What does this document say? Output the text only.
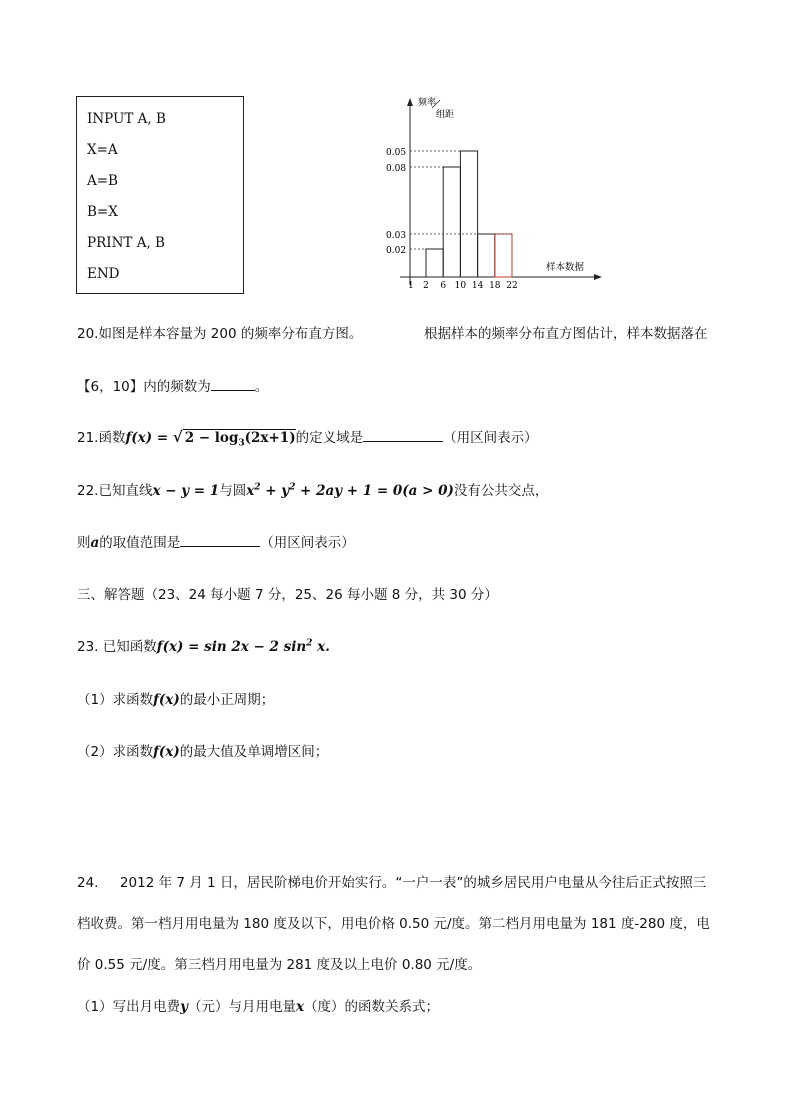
INPUT A, B
X=A
A=B
B=X
PRINT A, B
END
频率
组距
样本数据
1
0.02
0.03
0.08
0.05
2 6 10 14 18 22
20.如图是样本容量为 200 的频率分布直方图。	根据样本的频率分布直方图估计，样本数据落在
【6，10】内的频数为	。
21.函数f(x) = √ $2 - \log_3(2x+1)$的定义域是	（用区间表示）
22.已知直线x − y = 1与圆$x^2 + y^2 + 2ay + 1 = 0(a > 0)$没有公共交点，
则a的取值范围是	（用区间表示）
三、解答题（23、24 每小题 7 分，25、26 每小题 8 分，共 30 分）
23. 已知函数f(x) = sin 2x − 2 $\sin^2 x$.
（1）求函数f(x)的最小正周期；
（2）求函数f(x)的最大值及单调增区间；
24.     2012 年 7 月 1 日，居民阶梯电价开始实行。“一户一表”的城乡居民用户电量从今往后正式按照三
档收费。第一档月用电量为 180 度及以下，用电价格 0.50 元/度。第二档月用电量为 181 度-280 度，电
价 0.55 元/度。第三档月用电量为 281 度及以上电价 0.80 元/度。
（1）写出月电费y（元）与月用电量x（度）的函数关系式；
